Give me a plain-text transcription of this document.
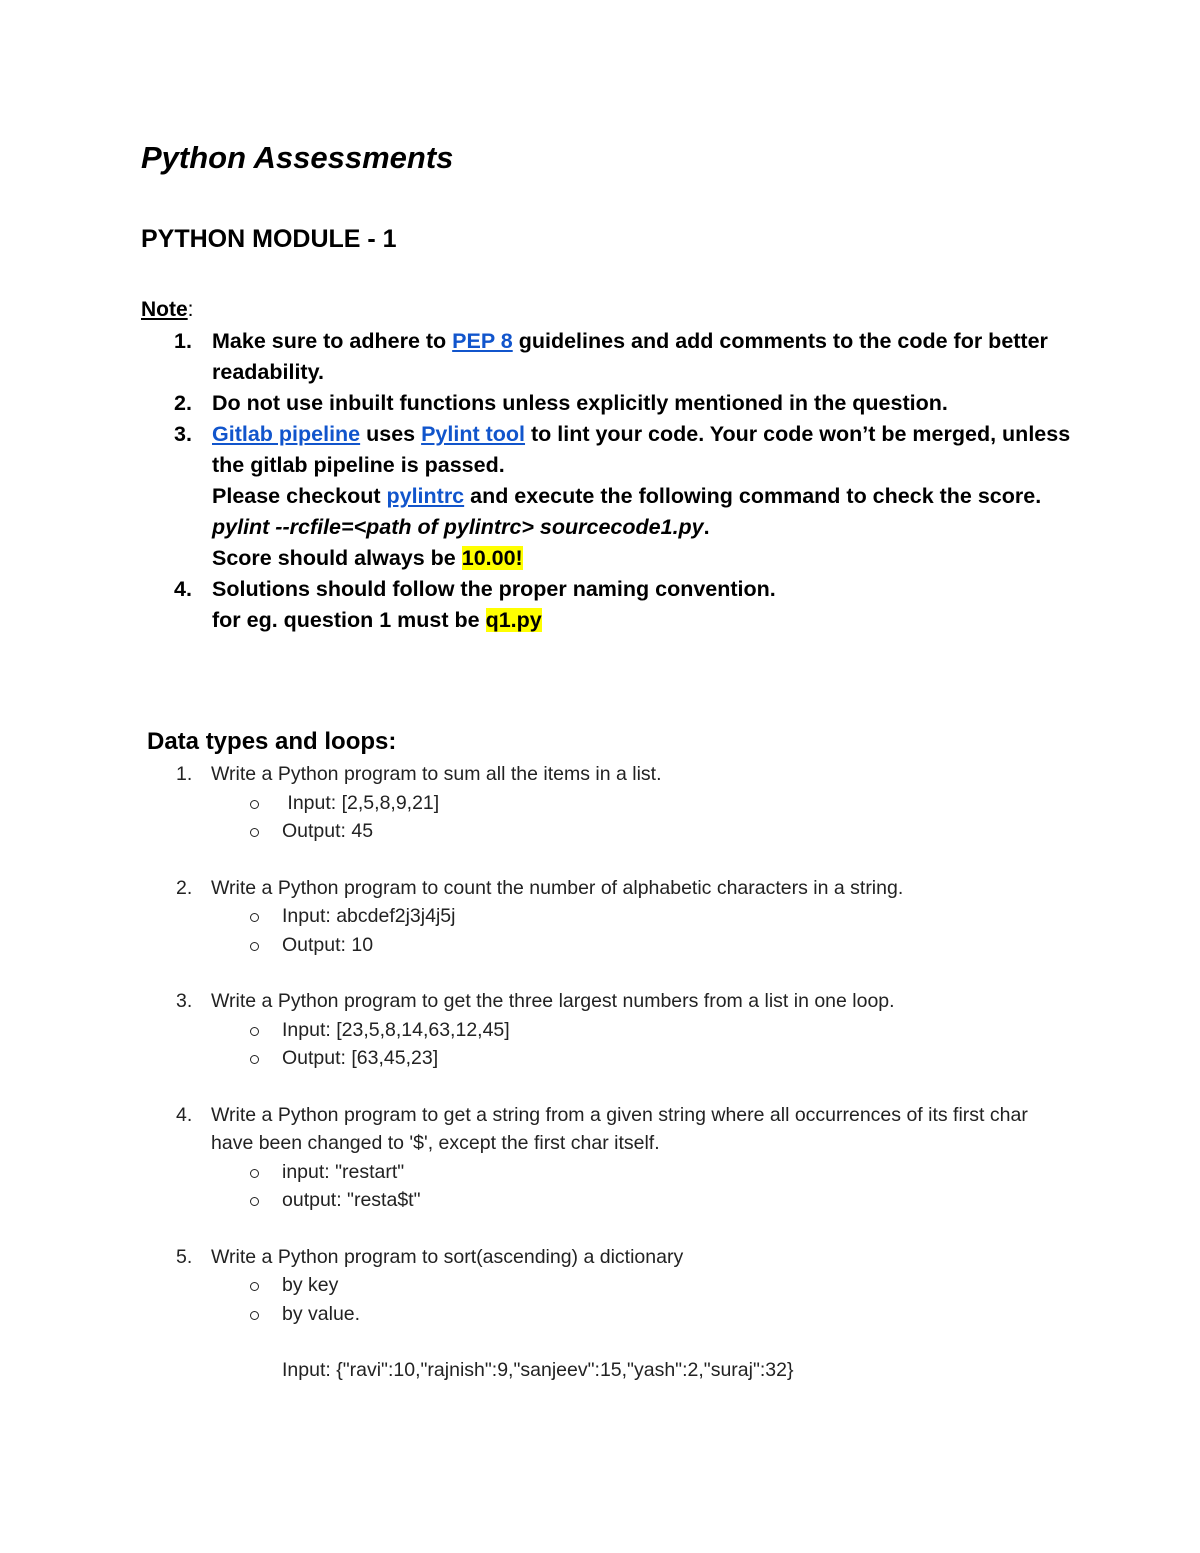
Python Assessments
PYTHON MODULE - 1
Note:
1. Make sure to adhere to PEP 8 guidelines and add comments to the code for better readability.
2. Do not use inbuilt functions unless explicitly mentioned in the question.
3. Gitlab pipeline uses Pylint tool to lint your code. Your code won’t be merged, unless the gitlab pipeline is passed.
Please checkout pylintrc and execute the following command to check the score. pylint --rcfile=<path of pylintrc> sourcecode1.py.
Score should always be 10.00!
4. Solutions should follow the proper naming convention.
for eg. question 1 must be q1.py
Data types and loops:
1. Write a Python program to sum all the items in a list.
Input: [2,5,8,9,21]
Output: 45
2. Write a Python program to count the number of alphabetic characters in a string.
Input: abcdef2j3j4j5j
Output: 10
3. Write a Python program to get the three largest numbers from a list in one loop.
Input: [23,5,8,14,63,12,45]
Output: [63,45,23]
4. Write a Python program to get a string from a given string where all occurrences of its first char have been changed to '$', except the first char itself.
input: "restart"
output: "resta$t"
5. Write a Python program to sort(ascending) a dictionary
by key
by value.
Input: {"ravi":10,"rajnish":9,"sanjeev":15,"yash":2,"suraj":32}
